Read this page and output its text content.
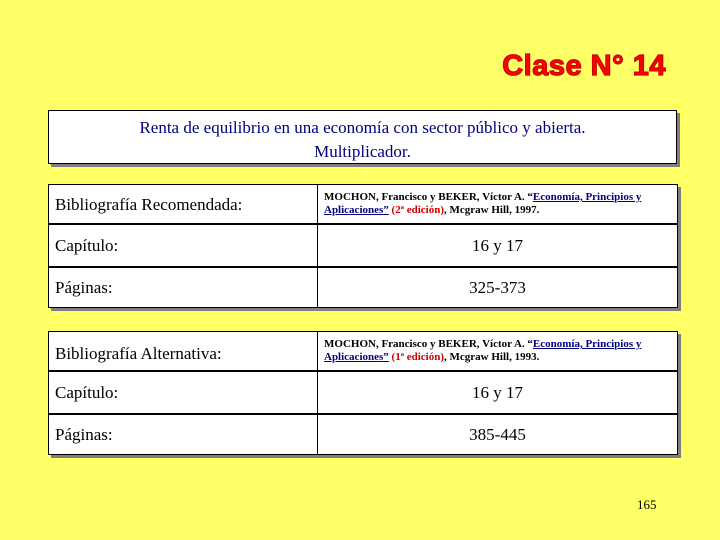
Clase N° 14
Renta de equilibrio en una economía con sector público y abierta.
Multiplicador.
Bibliografía Recomendada:	MOCHON, Francisco y BEKER, Víctor A. “Economía, Principios y Aplicaciones” (2ª edición), Mcgraw Hill, 1997.
Capítulo:	16 y 17
Páginas:	325-373
Bibliografía Alternativa:	MOCHON, Francisco y BEKER, Víctor A. “Economía, Principios y Aplicaciones” (1ª edición), Mcgraw Hill, 1993.
Capítulo:	16 y 17
Páginas:	385-445
165
